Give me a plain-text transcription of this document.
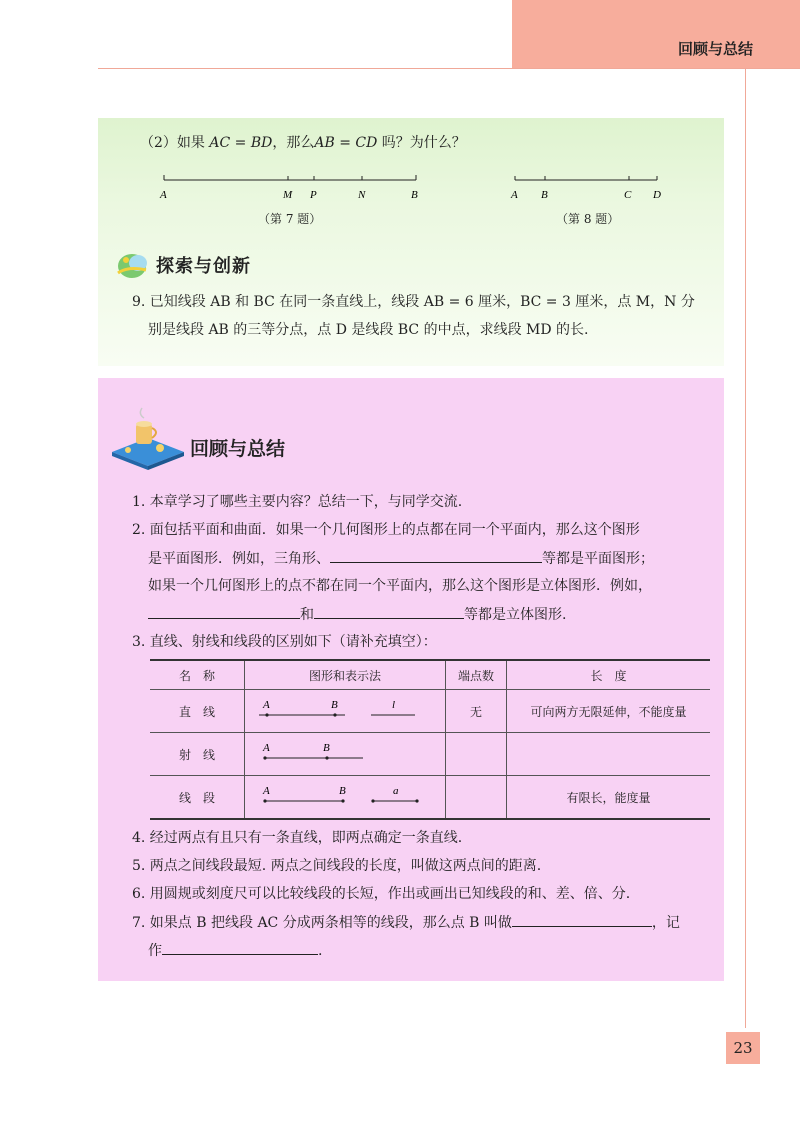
回顾与总结
（2）如果 AC = BD，那么AB = CD 吗？为什么？
A	M P	N	B
（第 7 题）
A B	C D
（第 8 题）
探索与创新
9. 已知线段 AB 和 BC 在同一条直线上，线段 AB = 6 厘米，BC = 3 厘米，点 M，N 分
别是线段 AB 的三等分点，点 D 是线段 BC 的中点，求线段 MD 的长.
回顾与总结
1. 本章学习了哪些主要内容？总结一下，与同学交流.
2. 面包括平面和曲面．如果一个几何图形上的点都在同一个平面内，那么这个图形
是平面图形．例如，三角形、	等都是平面图形；
如果一个几何图形上的点不都在同一个平面内，那么这个图形是立体图形．例如，
和	等都是立体图形.
3. 直线、射线和线段的区别如下（请补充填空）：
名　称	图形和表示法	端点数	长　度
直　线	A B l	无	可向两方无限延伸，不能度量
射　线	A B		

线　段	A B a		有限长，能度量
4. 经过两点有且只有一条直线，即两点确定一条直线.
5. 两点之间线段最短. 两点之间线段的长度，叫做这两点间的距离.
6. 用圆规或刻度尺可以比较线段的长短，作出或画出已知线段的和、差、倍、分.
7. 如果点 B 把线段 AC 分成两条相等的线段，那么点 B 叫做	，记
作	.
23
